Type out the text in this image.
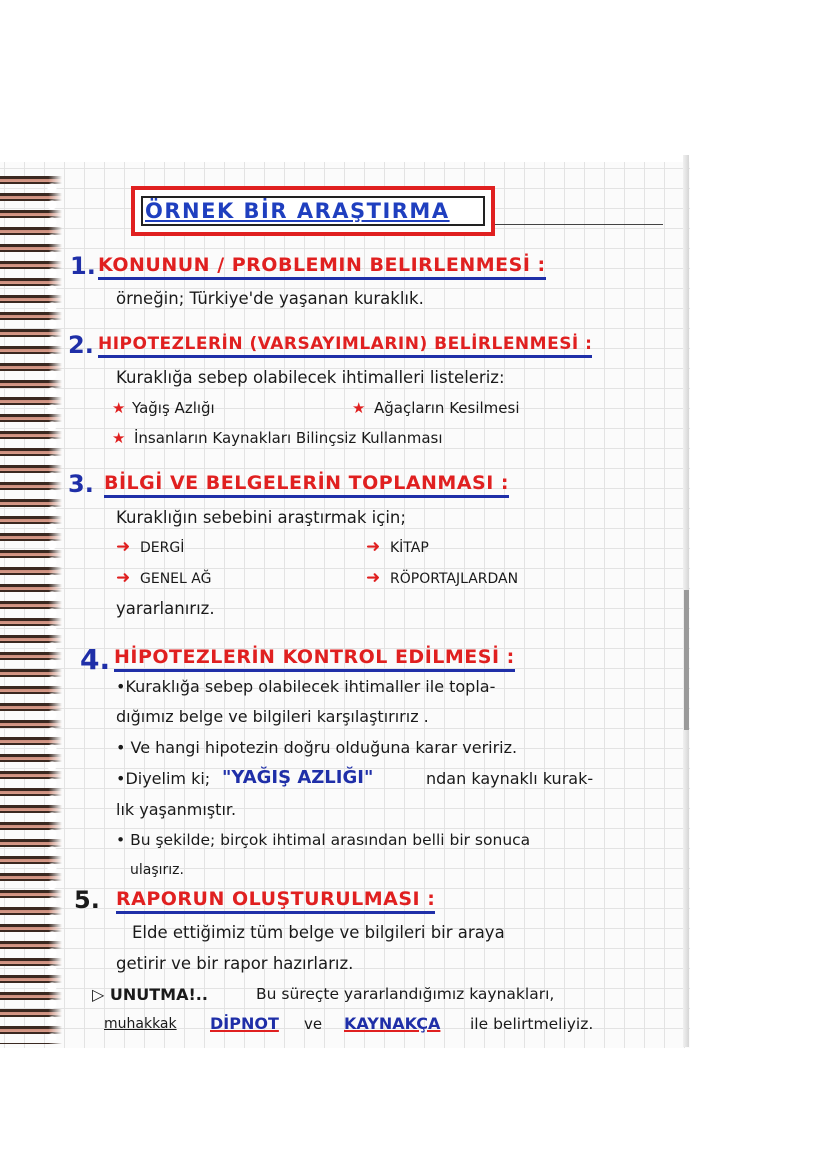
ÖRNEK BİR ARAŞTIRMA
1. KONUNUN / PROBLEMIN BELIRLENMESİ :
örneğin; Türkiye'de yaşanan kuraklık.
2. HIPOTEZLERİN (VARSAYIMLARIN) BELİRLENMESİ :
Kuraklığa sebep olabilecek ihtimalleri listeleriz:
★ Yağış Azlığı	★ Ağaçların Kesilmesi
★ İnsanların Kaynakları Bilinçsiz Kullanması
3. BİLGİ VE BELGELERİN TOPLANMASI :
Kuraklığın sebebini araştırmak için;
➜ DERGİ	➜ KİTAP
➜ GENEL AĞ	➜ RÖPORTAJLARDAN
yararlanırız.
4. HİPOTEZLERİN KONTROL EDİLMESİ :
•Kuraklığa sebep olabilecek ihtimaller ile topla-
dığımız belge ve bilgileri karşılaştırırız .
• Ve hangi hipotezin doğru olduğuna karar veririz.
•Diyelim ki; "YAĞIŞ AZLIĞI"	ndan kaynaklı kurak-
lık yaşanmıştır.
• Bu şekilde; birçok ihtimal arasından belli bir sonuca
ulaşırız.
5. RAPORUN OLUŞTURULMASI :
Elde ettiğimiz tüm belge ve bilgileri bir araya
getirir ve bir rapor hazırlarız.
▷ UNUTMA!..	Bu süreçte yararlandığımız kaynakları,
muhakkak DİPNOT ve KAYNAKÇA ile belirtmeliyiz.
